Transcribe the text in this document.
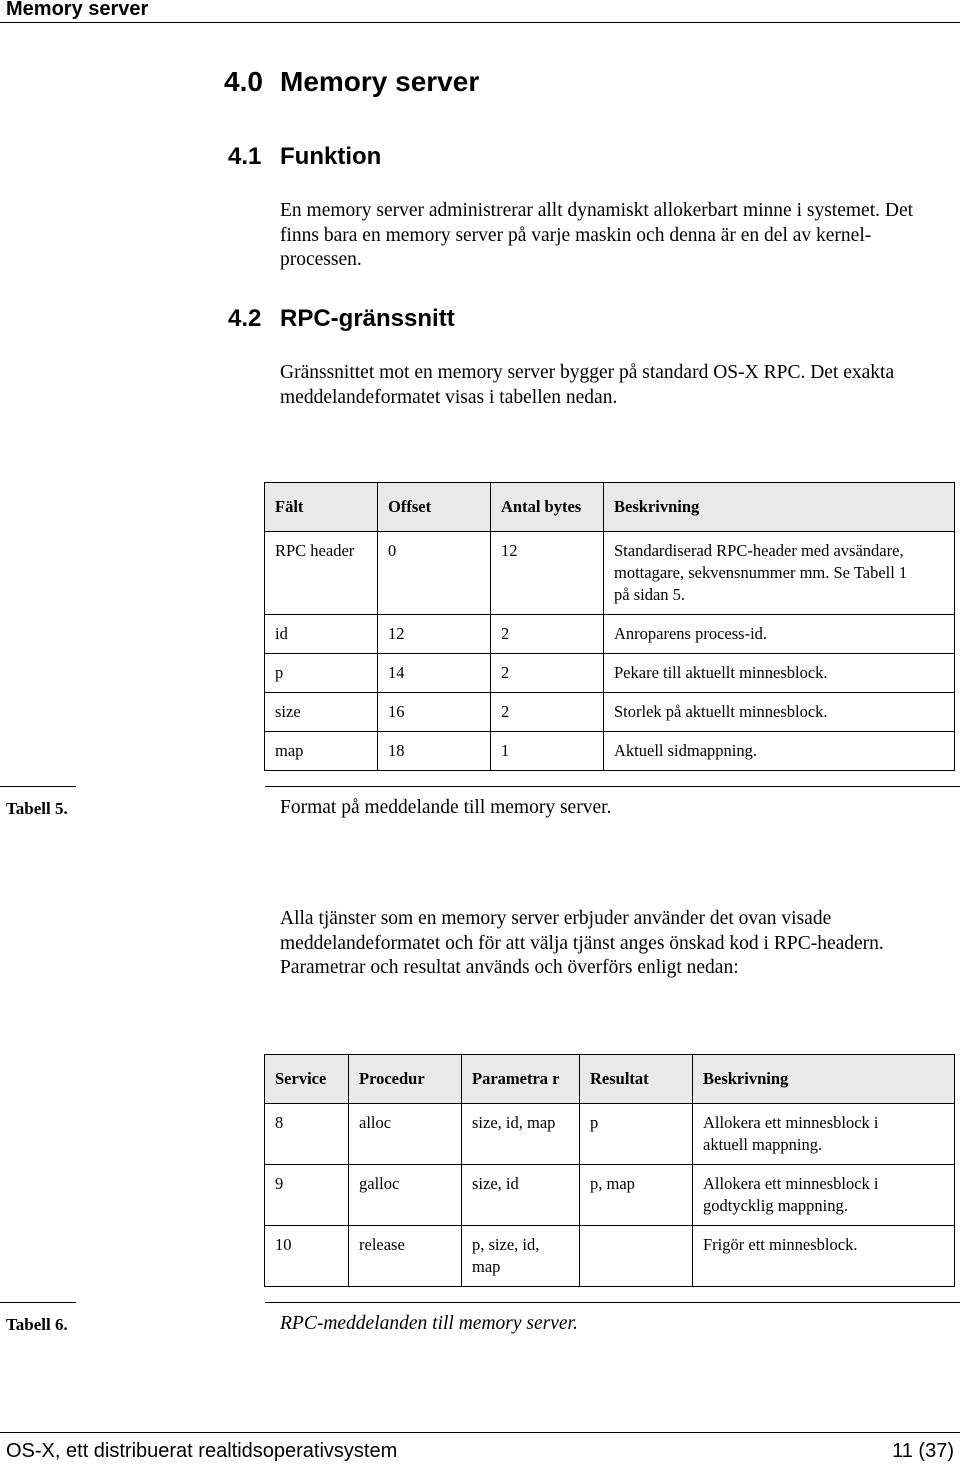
Memory server
4.0 Memory server
4.1 Funktion
En memory server administrerar allt dynamiskt allokerbart minne i systemet. Det
finns bara en memory server på varje maskin och denna är en del av kernel-
processen.
4.2 RPC-gränssnitt
Gränssnittet mot en memory server bygger på standard OS-X RPC. Det exakta
meddelandeformatet visas i tabellen nedan.
Fält	Offset	Antal bytes	Beskrivning
RPC header	0	12	Standardiserad RPC-header med avsändare,
mottagare, sekvensnummer mm. Se Tabell 1
på sidan 5.

id	12	2	Anroparens process-id.
p	14	2	Pekare till aktuellt minnesblock.
size	16	2	Storlek på aktuellt minnesblock.
map	18	1	Aktuell sidmappning.
Tabell 5.	Format på meddelande till memory server.
Alla tjänster som en memory server erbjuder använder det ovan visade
meddelandeformatet och för att välja tjänst anges önskad kod i RPC-headern.
Parametrar och resultat används och överförs enligt nedan:
Service	Procedur	Parametra r	Resultat	Beskrivning
8	alloc	size, id, map	p	Allokera ett minnesblock i
aktuell mappning.

9	galloc	size, id	p, map	Allokera ett minnesblock i
godtycklig mappning.

10	release	p, size, id,
map		Frigör ett minnesblock.
Tabell 6.	RPC-meddelanden till memory server.
OS-X, ett distribuerat realtidsoperativsystem	11 (37)
